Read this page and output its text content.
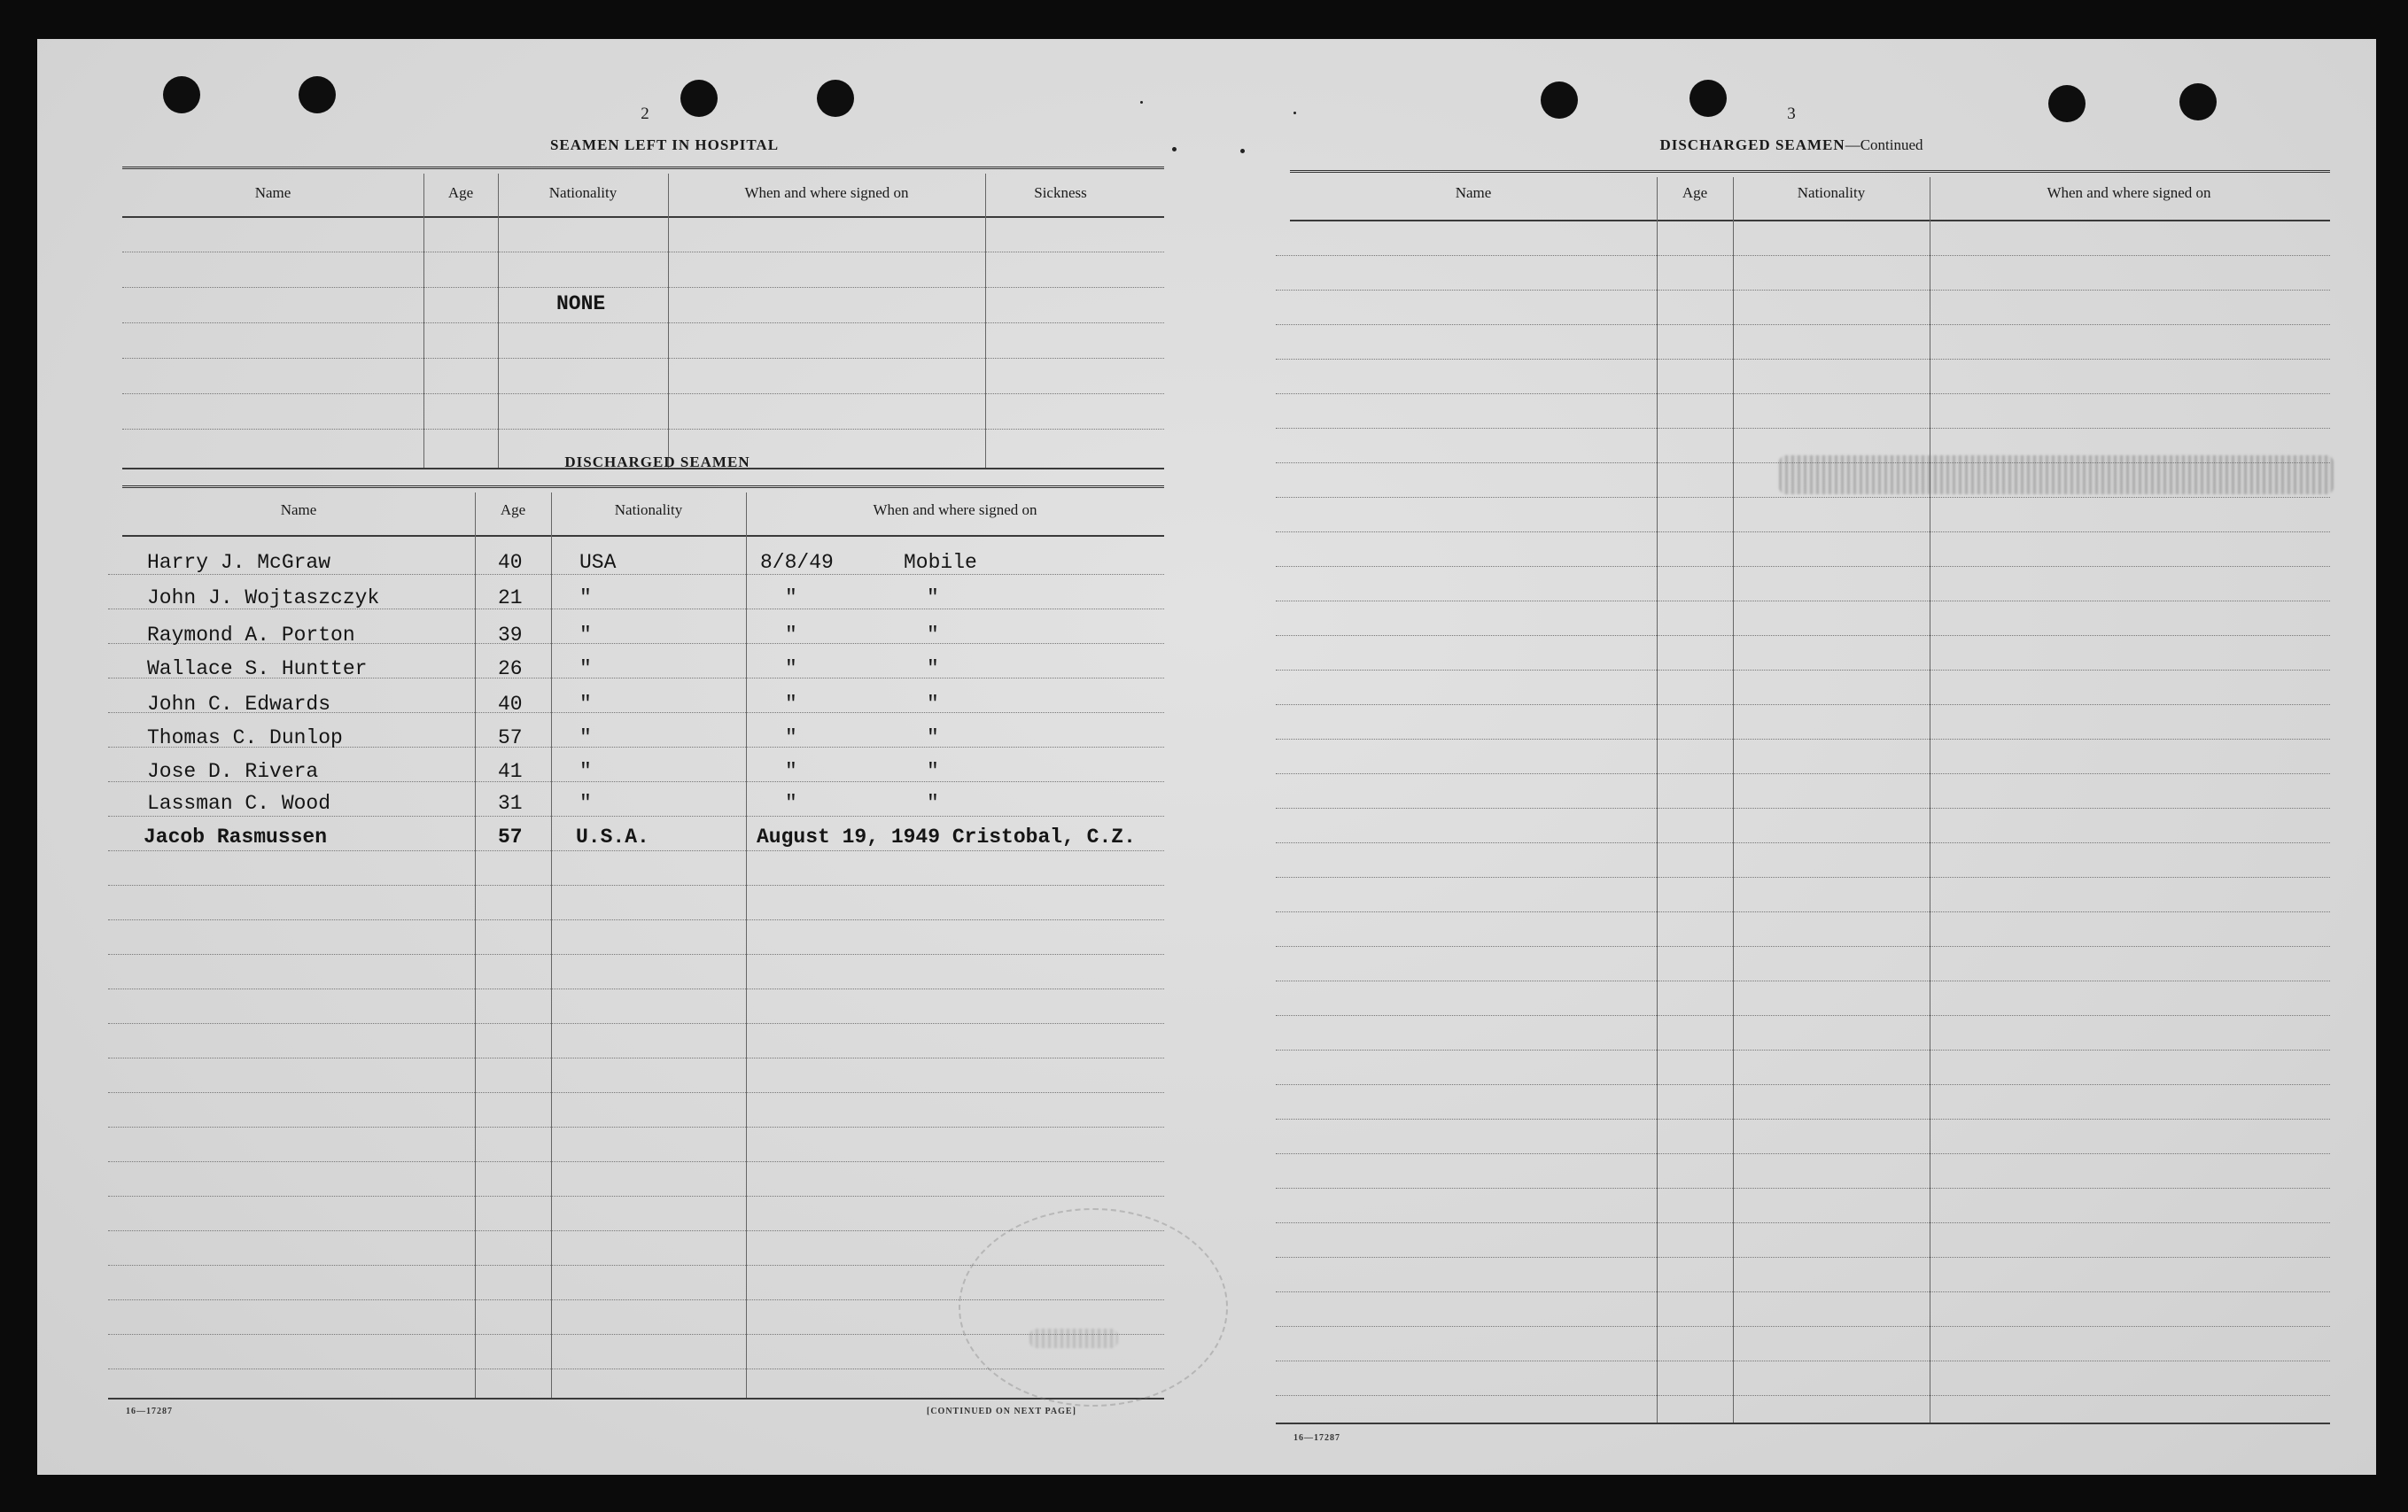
2
SEAMEN LEFT IN HOSPITAL
Name	Age	Nationality	When and where signed on	Sickness
NONE
DISCHARGED SEAMEN
Name	Age	Nationality	When and where signed on
Harry J. McGraw	40	USA	8/8/49	Mobile
John J. Wojtaszczyk	21	"	"	"
Raymond A. Porton	39	"	"	"
Wallace S. Huntter	26	"	"	"
John C. Edwards	40	"	"	"
Thomas C. Dunlop	57	"	"	"
Jose D. Rivera	41	"	"	"
Lassman C. Wood	31	"	"	"
Jacob Rasmussen	57	U.S.A.	August 19, 1949 Cristobal, C.Z.
16—17287	[CONTINUED ON NEXT PAGE]
3
DISCHARGED SEAMEN—Continued
Name	Age	Nationality	When and where signed on
16—17287
